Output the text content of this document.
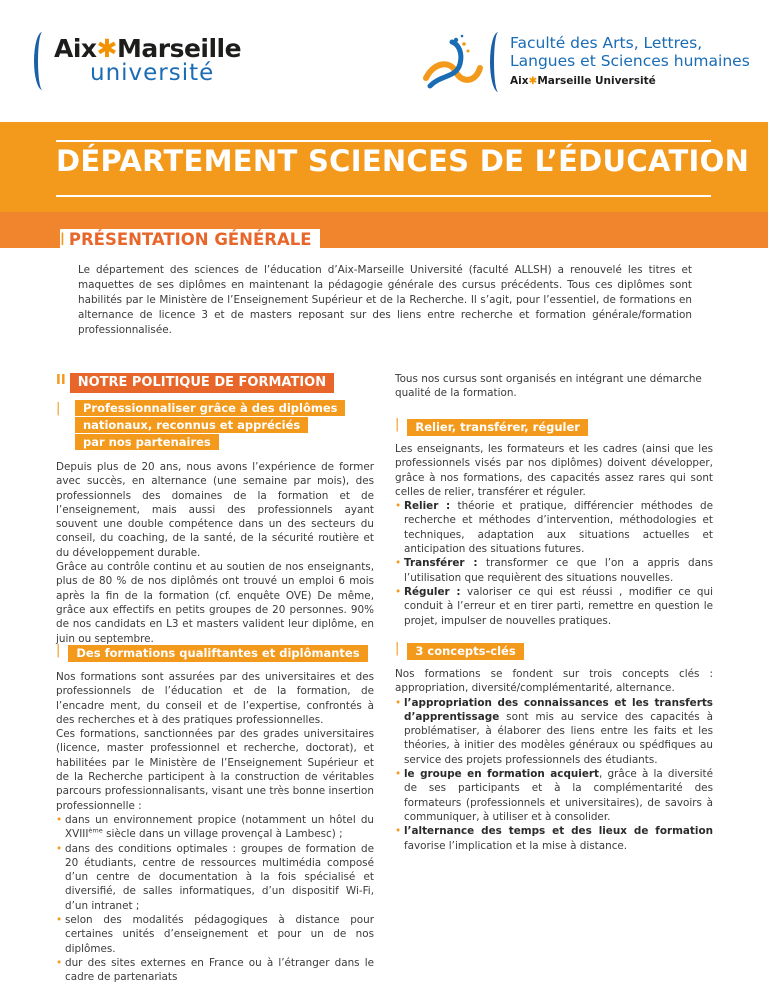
Aix✱Marseille
université
Faculté des Arts, Lettres,
Langues et Sciences humaines
Aix✱Marseille Université
DÉPARTEMENT SCIENCES DE L’ÉDUCATION
I PRÉSENTATION GÉNÉRALE

Le département des sciences de l’éducation d’Aix-Marseille Université (faculté ALLSH) a renouvelé les titres et maquettes de ses diplômes en maintenant la pédagogie générale des cursus précédents. Tous ces diplômes sont habilités par le Ministère de l’Enseignement Supérieur et de la Recherche. Il s’agit, pour l’essentiel, de formations en alternance de licence 3 et de masters reposant sur des liens entre recherche et formation générale/formation professionnalisée.

$^{II}$ NOTRE POLITIQUE DE FORMATION
| Professionnaliser grâce à des diplômes
nationaux, reconnus et appréciés
par nos partenaires

Depuis plus de 20 ans, nous avons l’expérience de former avec succès, en alternance (une semaine par mois), des professionnels des domaines de la formation et de l’enseignement, mais aussi des professionnels ayant souvent une double compétence dans un des secteurs du conseil, du coaching, de la santé, de la sécurité routière et du développement durable.

Grâce au contrôle continu et au soutien de nos enseignants, plus de 80 % de nos diplômés ont trouvé un emploi 6 mois après la fin de la formation (cf. enquête OVE) De même, grâce aux effectifs en petits groupes de 20 personnes. 90% de nos candidats en L3 et masters valident leur diplôme, en juin ou septembre.

| Des formations qualiftantes et diplômantes

Nos formations sont assurées par des universitaires et des professionnels de l’éducation et de la formation, de l’encadre ment, du conseil et de l’expertise, confrontés à des recherches et à des pratiques professionnelles.

Ces formations, sanctionnées par des grades universitaires (licence, master professionnel et recherche, doctorat), et habilitées par le Ministère de l’Enseignement Supérieur et de la Recherche participent à la construction de véritables parcours professionnalisants, visant une très bonne insertion professionnelle :

• dans un environnement propice (notamment un hôtel du XVIIIème siècle dans un village provençal à Lambesc) ;
• dans des conditions optimales : groupes de formation de 20 étudiants, centre de ressources multimédia composé d’un centre de documentation à la fois spécialisé et diversifié, de salles informatiques, d’un dispositif Wi-Fi, d’un intranet ;
• selon des modalités pédagogiques à distance pour certaines unités d’enseignement et pour un de nos diplômes.
• dur des sites externes en France ou à l’étranger dans le cadre de partenariats

Tous nos cursus sont organisés en intégrant une démarche qualité de la formation.

| Relier, transférer, réguler

Les enseignants, les formateurs et les cadres (ainsi que les professionnels visés par nos diplômes) doivent développer, grâce à nos formations, des capacités assez rares qui sont celles de relier, transférer et réguler.

• Relier : théorie et pratique, différencier méthodes de recherche et méthodes d’intervention, méthodologies et techniques, adaptation aux situations actuelles et anticipation des situations futures.
• Transférer : transformer ce que l’on a appris dans l’utilisation que requièrent des situations nouvelles.
• Réguler : valoriser ce qui est réussi , modifier ce qui conduit à l’erreur et en tirer parti, remettre en question le projet, impulser de nouvelles pratiques.
| 3 concepts-clés

Nos formations se fondent sur trois concepts clés : appropriation, diversité/complémentarité, alternance.

• l’appropriation des connaissances et les transferts d’apprentissage sont mis au service des capacités à problématiser, à élaborer des liens entre les faits et les théories, à initier des modèles généraux ou spédfiques au service des projets professionnels des étudiants.
• le groupe en formation acquiert, grâce à la diversité de ses participants et à la complémentarité des formateurs (professionnels et universitaires), de savoirs à communiquer, à utiliser et à consolider.
• l’alternance des temps et des lieux de formation favorise l’implication et la mise à distance.
